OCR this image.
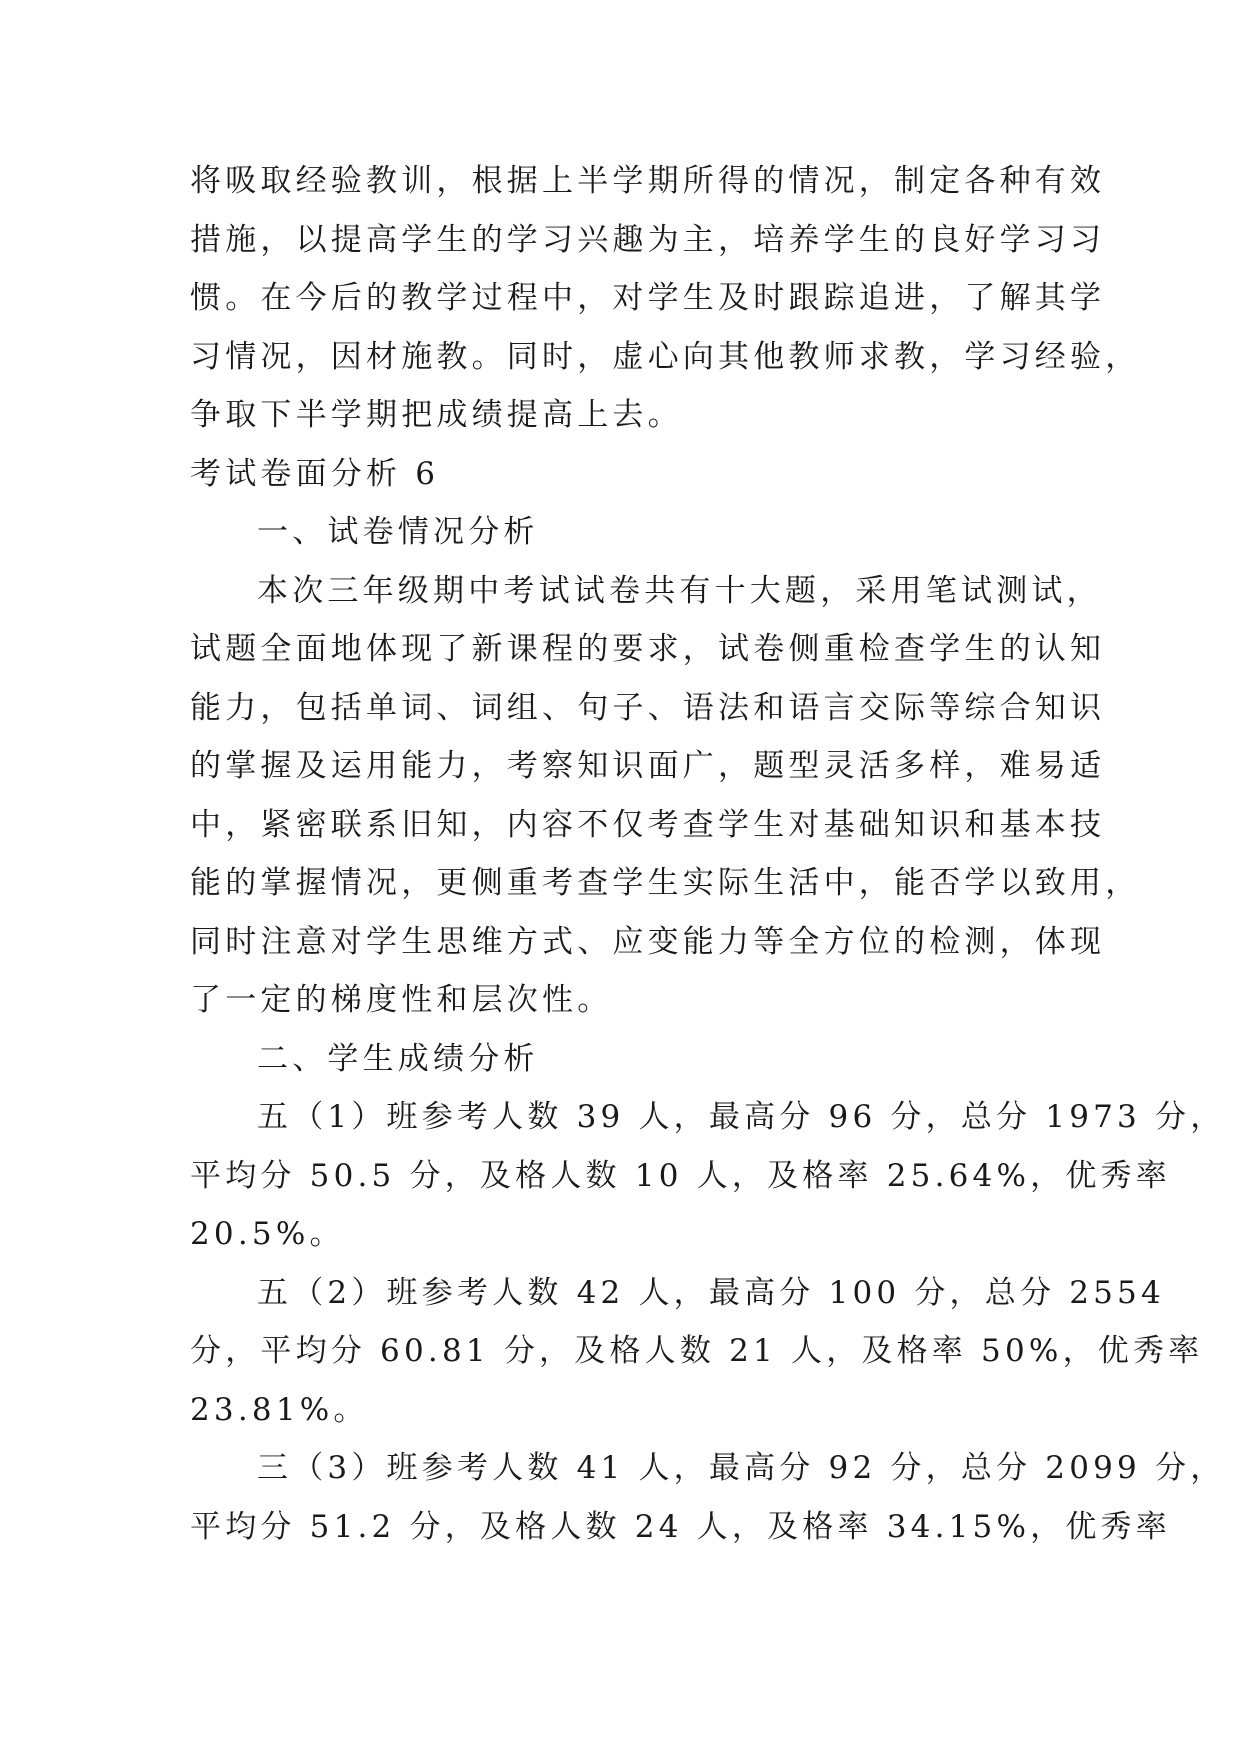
将吸取经验教训，根据上半学期所得的情况，制定各种有效
措施，以提高学生的学习兴趣为主，培养学生的良好学习习
惯。在今后的教学过程中，对学生及时跟踪追进，了解其学
习情况，因材施教。同时，虚心向其他教师求教，学习经验，
争取下半学期把成绩提高上去。
考试卷面分析 6
一、试卷情况分析
本次三年级期中考试试卷共有十大题，采用笔试测试，
试题全面地体现了新课程的要求，试卷侧重检查学生的认知
能力，包括单词、词组、句子、语法和语言交际等综合知识
的掌握及运用能力，考察知识面广，题型灵活多样，难易适
中，紧密联系旧知，内容不仅考查学生对基础知识和基本技
能的掌握情况，更侧重考查学生实际生活中，能否学以致用，
同时注意对学生思维方式、应变能力等全方位的检测，体现
了一定的梯度性和层次性。
二、学生成绩分析
五（1）班参考人数 39 人，最高分 96 分，总分 1973 分，
平均分 50.5 分，及格人数 10 人，及格率 25.64%，优秀率
20.5%。
五（2）班参考人数 42 人，最高分 100 分，总分 2554
分，平均分 60.81 分，及格人数 21 人，及格率 50%，优秀率
23.81%。
三（3）班参考人数 41 人，最高分 92 分，总分 2099 分，
平均分 51.2 分，及格人数 24 人，及格率 34.15%，优秀率
